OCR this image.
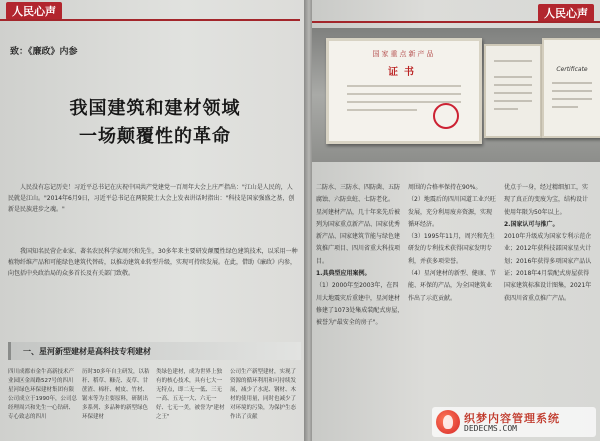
人民心声
致：《廉政》内参
我国建筑和建材领域
一场颠覆性的革命
人民没有忘记历史！习近平总书记在庆祝中国共产党建党一百周年大会上庄严指出："江山是人民的，人民就是江山。"2014年6月9日，习近平总书记在两院院士大会上发表讲话时指出："科技是国家强盛之基，创新是民族进步之魂。"
我国知名民营企业家、著名农民科学家周兴和先生，30多年来主要研发颠覆性绿色建筑技术，以采用一种植物纤维产品和可能绿色建筑代替砖，以推动建筑业转型升级，实现可持续发展。在此，借助《廉政》内参，向包括中央政治局的众多首长及有关部门致敬。
一、星河新型建材是高科技专利建材
四川成都市金牛高新技术产业园区金周路527号的四川星河绿色环保建材集团有限公司成立于1990年，公司总经理周兴和先生一心钻研、专心致志的四川
历时30多年自主研发，以秸秆、稻草、糠壳、麦草、甘蔗渣、棉秆、树皮、竹材、锯末等为主要原料，研制出多系列、多品种的新型绿色环保建材
类绿色建材，成为世界上独有的核心技术，具有七大一无特点，即二无一低、三无一高、五无一大、六无一好、七无一美，被誉为"建材之王"
公司生产新型建材，实现了资源的循环利用和可持续发展，减少了水泥、钢材、木材的使用量，同时也减少了对环境的污染，为保护生态作出了贡献
人民心声
国家重点新产品
证书	Certificate
二防水、三防水、四防菌、五防腐蚀、六防虫蛀、七防老化。
星河建材产品，几十年来先后被列为国家重点新产品、国家优秀新产品、国家建筑节能与绿色建筑推广项目、四川省重大科技项目。
1.具典型应用案例。
（1）2000年至2003年，在四川大地震灾后重建中，星河建材修建了1073处集成装配式房屋，被誉为"最安全的房子"。
周围的合格率保持在90%。
（2）地震后的四川国道工业兴旺发展，充分利用废弃资源，实现循环经济。
（3）1995年11月，周兴和先生研发的专利技术获得国家发明专利，并获多项荣誉。
（4）星河建材的新型、健康、节能、环保的产品，为全国建筑业作出了示范贡献。
优点于一身，经过精细加工，实现了真正的变废为宝，结构设计使用年限为50年以上。
2.国家认可与推广。
2010年升级成为国家专利示范企业；2012年获科技部国家星火计划；2016年获得多项国家产品认证；2018年4月装配式房屋获得国家建筑标准设计图集，2021年获四川省重点推广产品。
织梦内容管理系统
DEDECMS.COM
